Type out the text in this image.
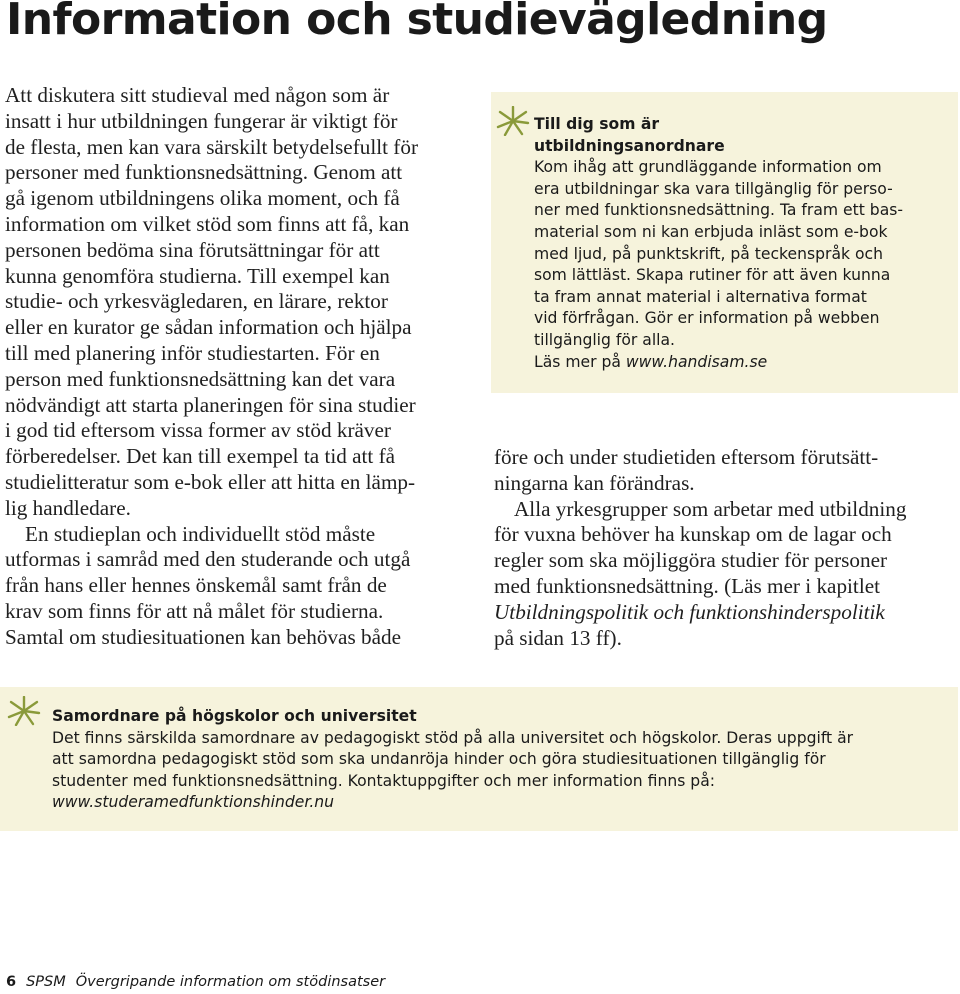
Information och studievägledning

Att diskutera sitt studieval med någon som är
insatt i hur utbildningen fungerar är viktigt för
de flesta, men kan vara särskilt betydelsefullt för
personer med funktionsnedsättning. Genom att
gå igenom utbildningens olika moment, och få
information om vilket stöd som finns att få, kan
personen bedöma sina förutsättningar för att
kunna genomföra studierna. Till exempel kan
studie- och yrkesvägledaren, en lärare, rektor
eller en kurator ge sådan information och hjälpa
till med planering inför studiestarten. För en
person med funktionsnedsättning kan det vara
nödvändigt att starta planeringen för sina studier
i god tid eftersom vissa former av stöd kräver
förberedelser. Det kan till exempel ta tid att få
studielitteratur som e-bok eller att hitta en lämp-
lig handledare.

En studieplan och individuellt stöd måste
utformas i samråd med den studerande och utgå
från hans eller hennes önskemål samt från de
krav som finns för att nå målet för studierna.
Samtal om studiesituationen kan behövas både

Till dig som är
utbildningsanordnare

Kom ihåg att grundläggande information om
era utbildningar ska vara tillgänglig för perso-
ner med funktionsnedsättning. Ta fram ett bas-
material som ni kan erbjuda inläst som e-bok
med ljud, på punktskrift, på teckenspråk och
som lättläst. Skapa rutiner för att även kunna
ta fram annat material i alternativa format
vid förfrågan. Gör er information på webben
tillgänglig för alla.

Läs mer på www.handisam.se

före och under studietiden eftersom förutsätt-
ningarna kan förändras.

Alla yrkesgrupper som arbetar med utbildning
för vuxna behöver ha kunskap om de lagar och
regler som ska möjliggöra studier för personer
med funktionsnedsättning. (Läs mer i kapitlet

Utbildningspolitik och funktionshinderspolitik
på sidan 13 ff).

Samordnare på högskolor och universitet

Det finns särskilda samordnare av pedagogiskt stöd på alla universitet och högskolor. Deras uppgift är
att samordna pedagogiskt stöd som ska undanröja hinder och göra studiesituationen tillgänglig för
studenter med funktionsnedsättning. Kontaktuppgifter och mer information finns på:

www.studeramedfunktionshinder.nu

6 SPSM Övergripande information om stödinsatser
